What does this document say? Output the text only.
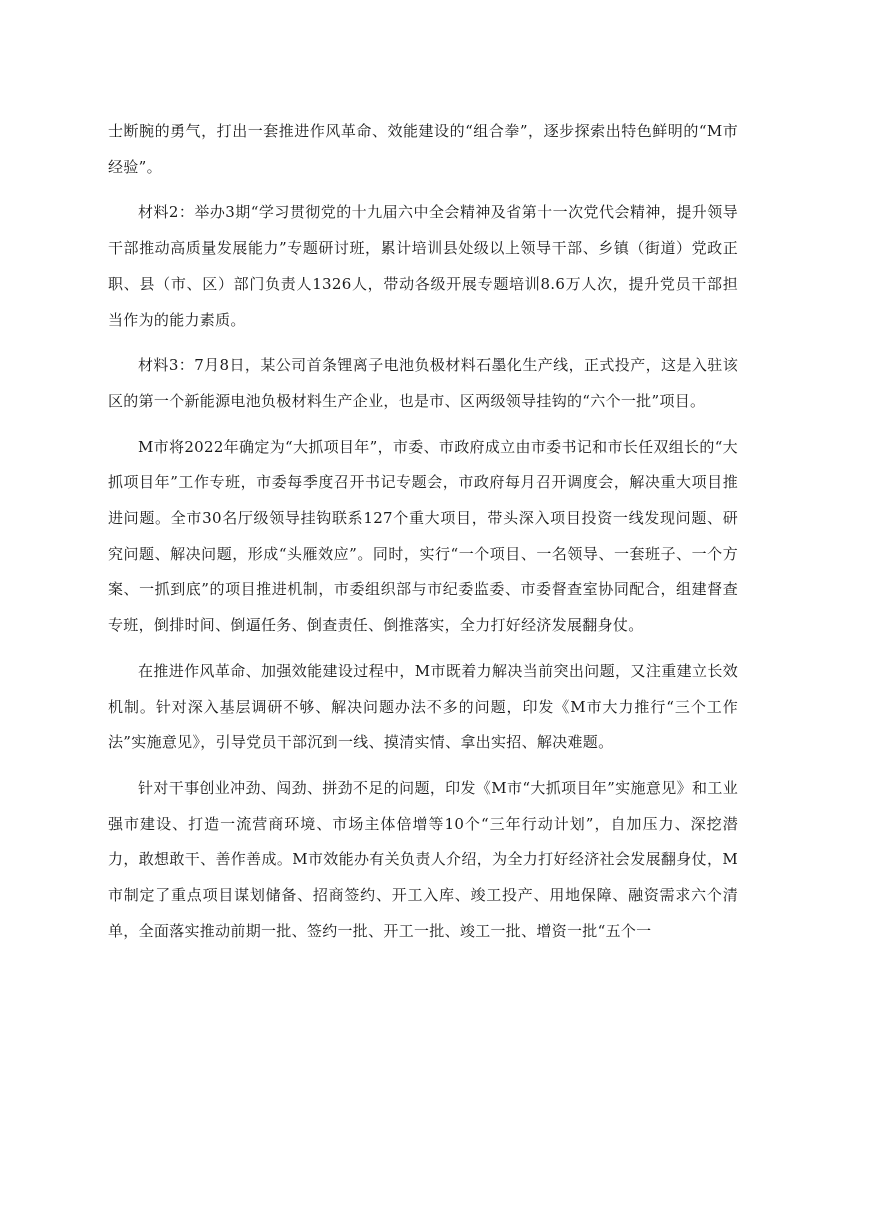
士断腕的勇气，打出一套推进作风革命、效能建设的“组合拳”，逐步探索出特色鲜明的“M市经验”。

材料2：举办3期“学习贯彻党的十九届六中全会精神及省第十一次党代会精神，提升领导干部推动高质量发展能力”专题研讨班，累计培训县处级以上领导干部、乡镇（街道）党政正职、县（市、区）部门负责人1326人，带动各级开展专题培训8.6万人次，提升党员干部担当作为的能力素质。

材料3：7月8日，某公司首条锂离子电池负极材料石墨化生产线，正式投产，这是入驻该区的第一个新能源电池负极材料生产企业，也是市、区两级领导挂钩的“六个一批”项目。

M市将2022年确定为“大抓项目年”，市委、市政府成立由市委书记和市长任双组长的“大抓项目年”工作专班，市委每季度召开书记专题会，市政府每月召开调度会，解决重大项目推进问题。全市30名厅级领导挂钩联系127个重大项目，带头深入项目投资一线发现问题、研究问题、解决问题，形成“头雁效应”。同时，实行“一个项目、一名领导、一套班子、一个方案、一抓到底”的项目推进机制，市委组织部与市纪委监委、市委督查室协同配合，组建督查专班，倒排时间、倒逼任务、倒查责任、倒推落实，全力打好经济发展翻身仗。

在推进作风革命、加强效能建设过程中，M市既着力解决当前突出问题，又注重建立长效机制。针对深入基层调研不够、解决问题办法不多的问题，印发《M市大力推行“三个工作法”实施意见》，引导党员干部沉到一线、摸清实情、拿出实招、解决难题。

针对干事创业冲劲、闯劲、拼劲不足的问题，印发《M市“大抓项目年”实施意见》和工业强市建设、打造一流营商环境、市场主体倍增等10个“三年行动计划”，自加压力、深挖潜力，敢想敢干、善作善成。M市效能办有关负责人介绍，为全力打好经济社会发展翻身仗，M市制定了重点项目谋划储备、招商签约、开工入库、竣工投产、用地保障、融资需求六个清单，全面落实推动前期一批、签约一批、开工一批、竣工一批、增资一批“五个一
